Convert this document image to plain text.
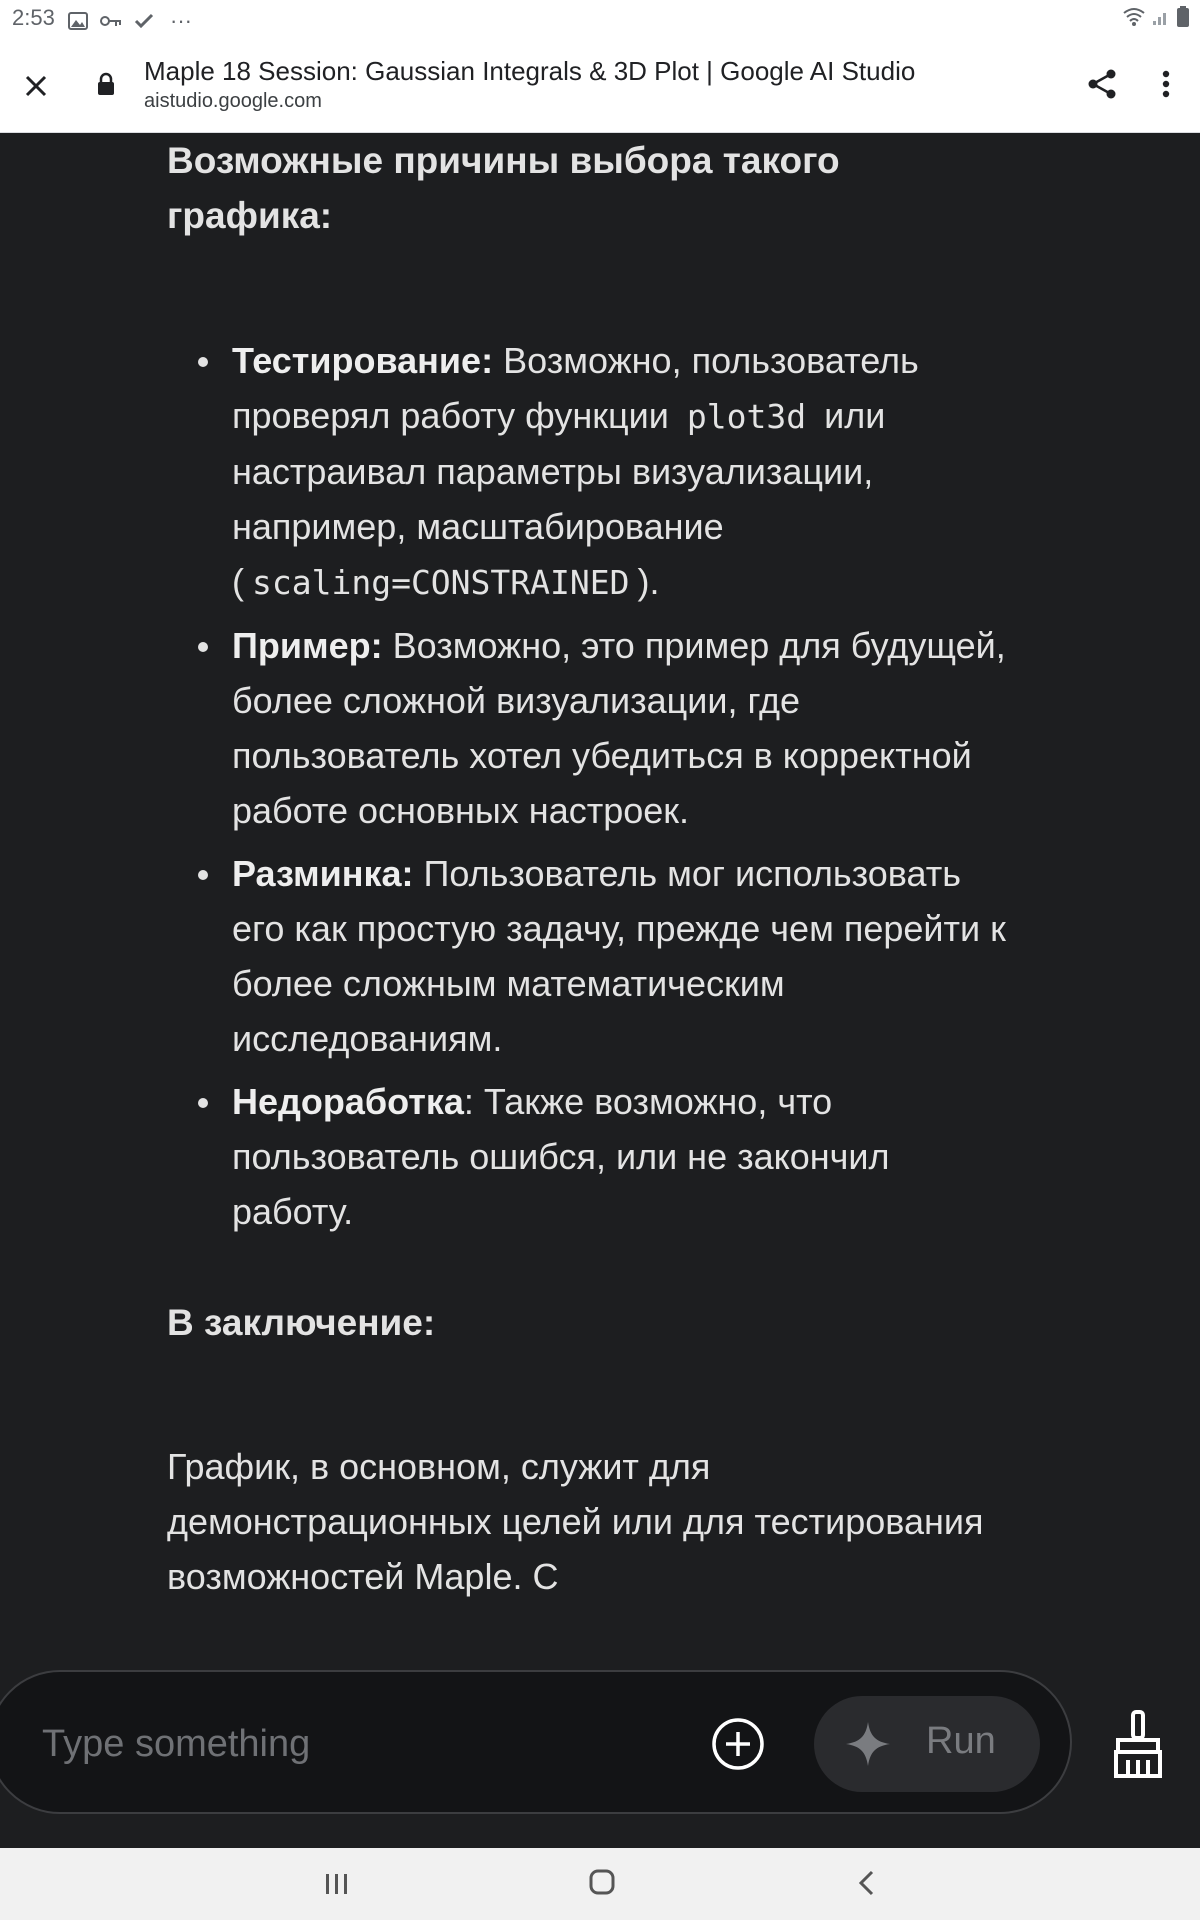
2:53	···
Maple 18 Session: Gaussian Integrals & 3D Plot | Google AI Studio
aistudio.google.com
Возможные причины выбора такого графика:
Тестирование: Возможно, пользователь проверял работу функции plot3d или настраивал параметры визуализации, например, масштабирование ( scaling=CONSTRAINED ).
Пример: Возможно, это пример для будущей, более сложной визуализации, где пользователь хотел убедиться в корректной работе основных настроек.
Разминка: Пользователь мог использовать его как простую задачу, прежде чем перейти к более сложным математическим исследованиям.
Недоработка: Также возможно, что пользователь ошибся, или не закончил работу.
В заключение:

График, в основном, служит для демонстрационных целей или для тестирования возможностей Maple. С

Type something
Run
